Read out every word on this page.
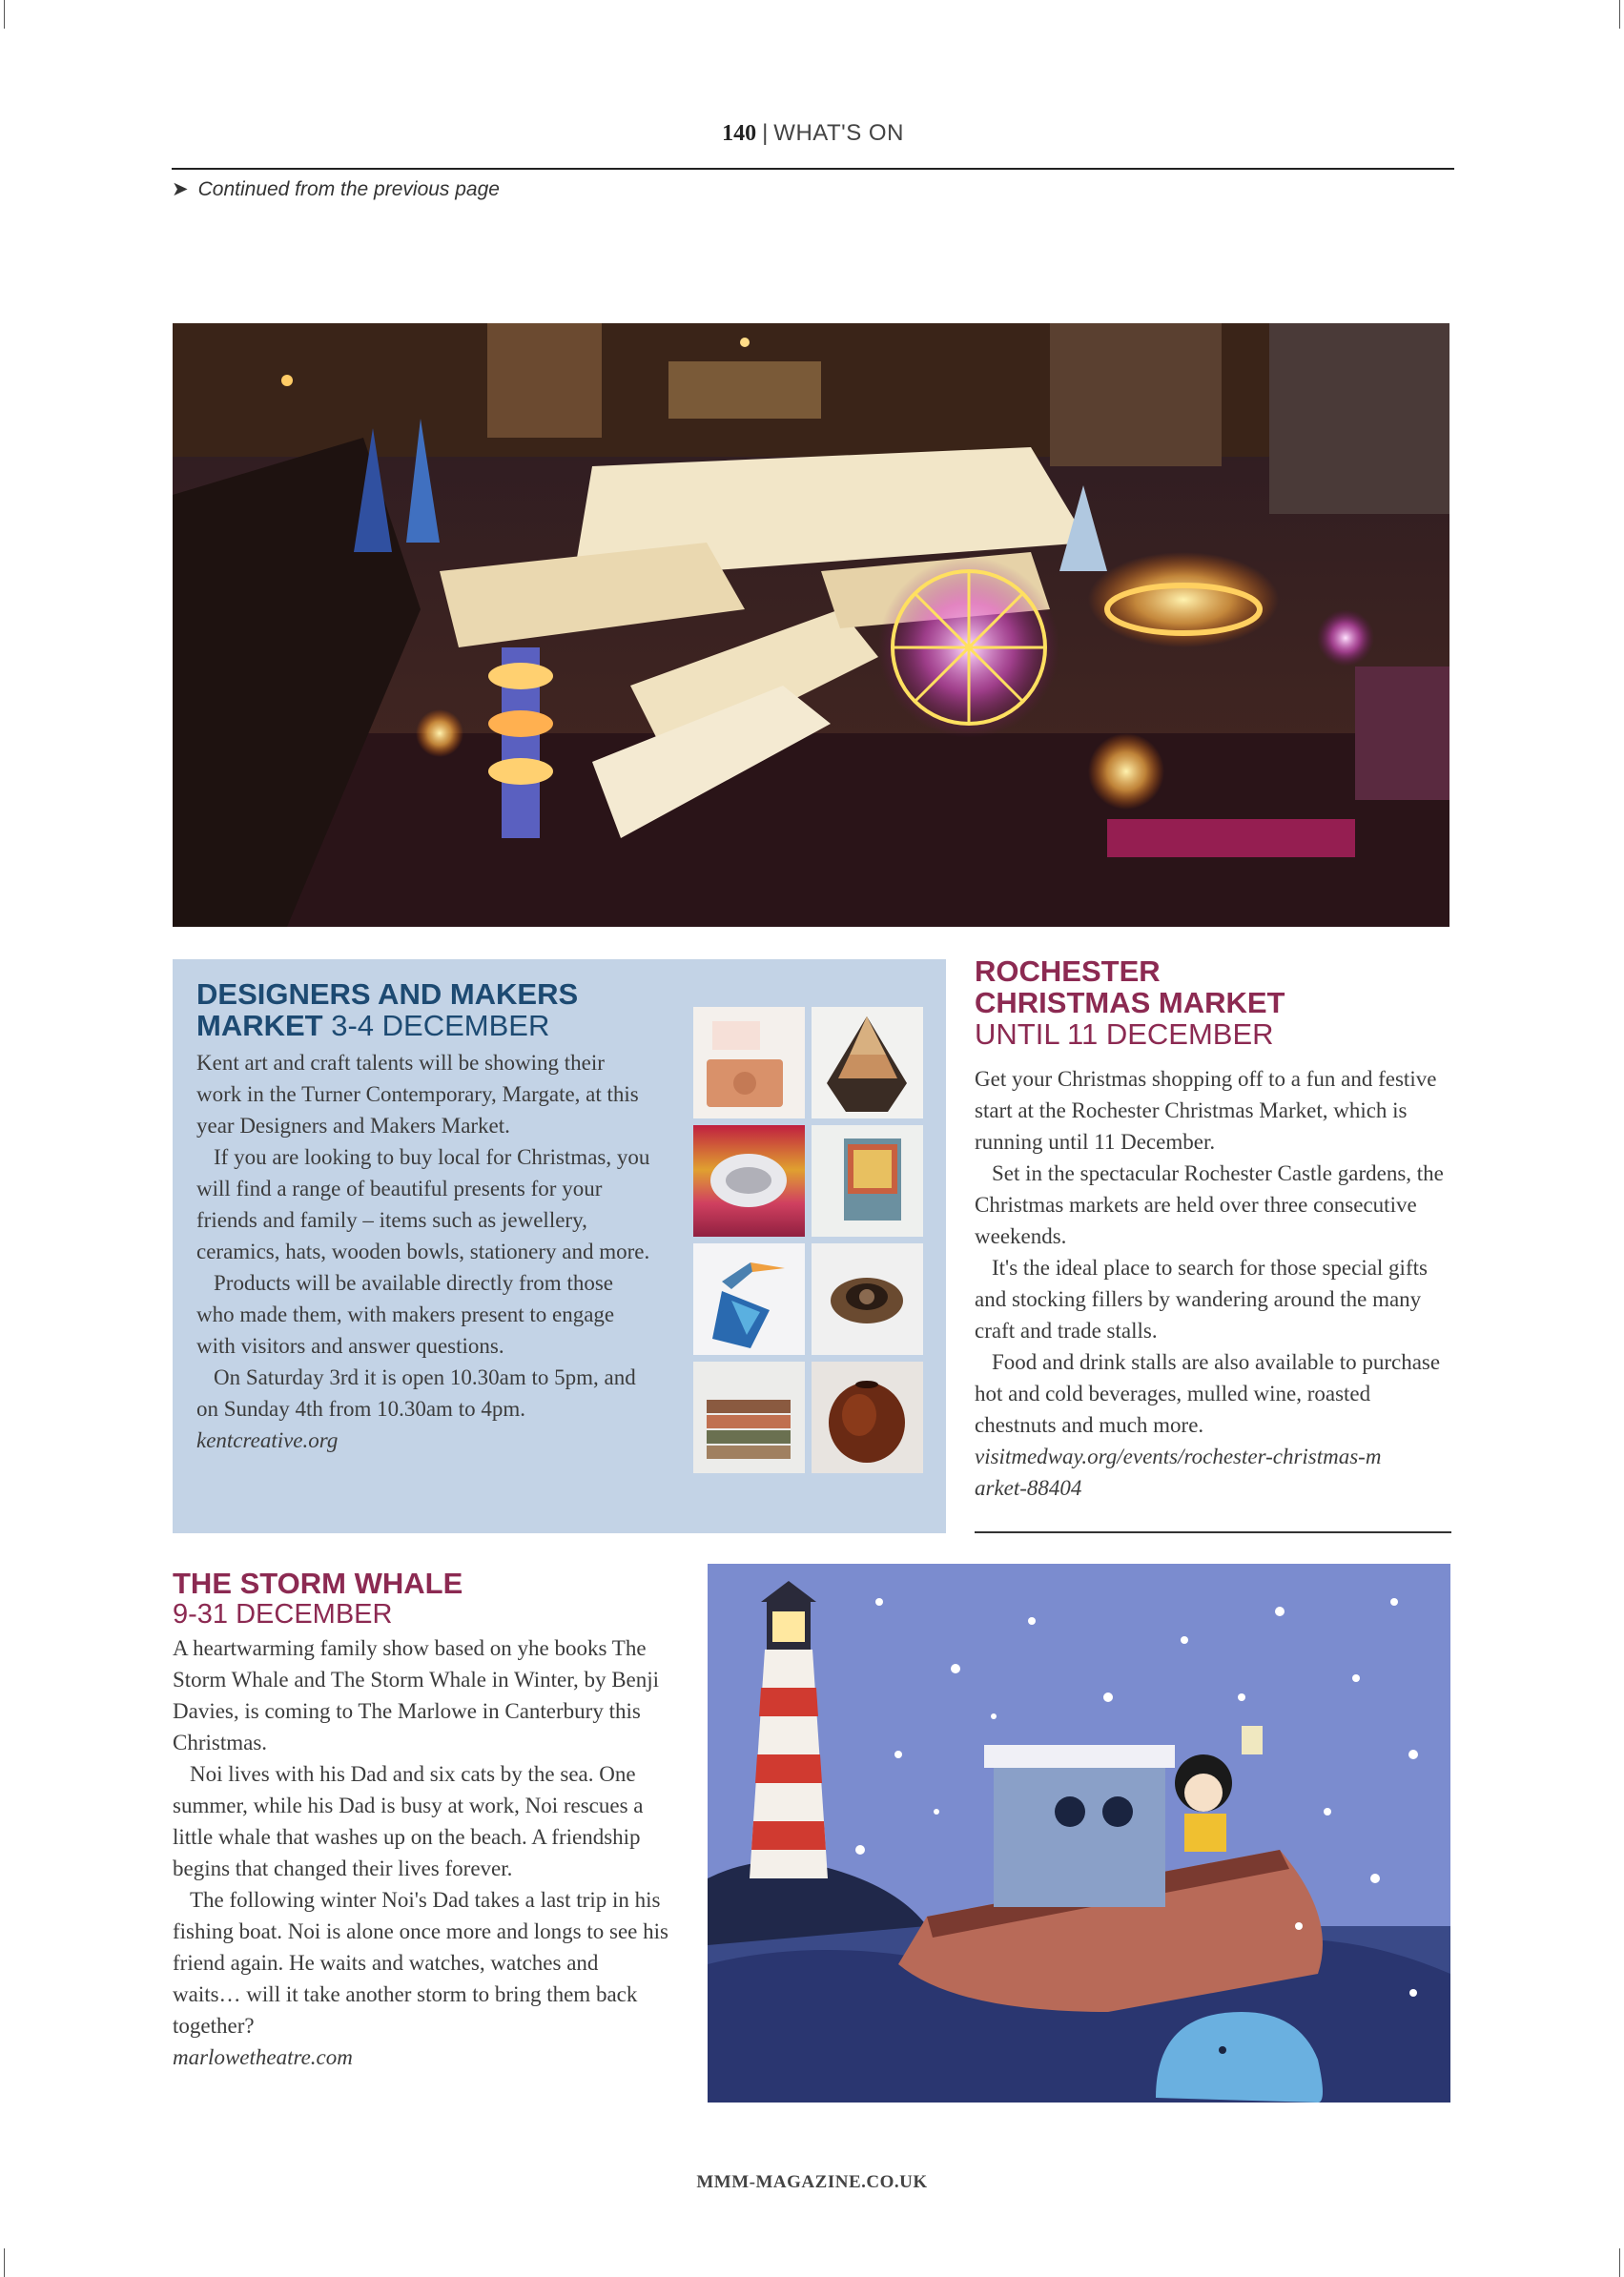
140 | WHAT'S ON
➤ Continued from the previous page
DESIGNERS AND MAKERS MARKET 3-4 DECEMBER

Kent art and craft talents will be showing their work in the Turner Contemporary, Margate, at this year Designers and Makers Market.

If you are looking to buy local for Christmas, you will find a range of beautiful presents for your friends and family – items such as jewellery, ceramics, hats, wooden bowls, stationery and more.

Products will be available directly from those who made them, with makers present to engage with visitors and answer questions.

On Saturday 3rd it is open 10.30am to 5pm, and on Sunday 4th from 10.30am to 4pm.

kentcreative.org

ROCHESTER
CHRISTMAS MARKET
UNTIL 11 DECEMBER

Get your Christmas shopping off to a fun and festive start at the Rochester Christmas Market, which is running until 11 December.

Set in the spectacular Rochester Castle gardens, the Christmas markets are held over three consecutive weekends.

It's the ideal place to search for those special gifts and stocking fillers by wandering around the many craft and trade stalls.

Food and drink stalls are also available to purchase hot and cold beverages, mulled wine, roasted chestnuts and much more.

visitmedway.org/events/rochester-christmas-market-88404

THE STORM WHALE
9-31 DECEMBER

A heartwarming family show based on yhe books The Storm Whale and The Storm Whale in Winter, by Benji Davies, is coming to The Marlowe in Canterbury this Christmas.

Noi lives with his Dad and six cats by the sea. One summer, while his Dad is busy at work, Noi rescues a little whale that washes up on the beach. A friendship begins that changed their lives forever.

The following winter Noi's Dad takes a last trip in his fishing boat. Noi is alone once more and longs to see his friend again. He waits and watches, watches and waits… will it take another storm to bring them back together?

marlowetheatre.com

MMM-MAGAZINE.CO.UK
